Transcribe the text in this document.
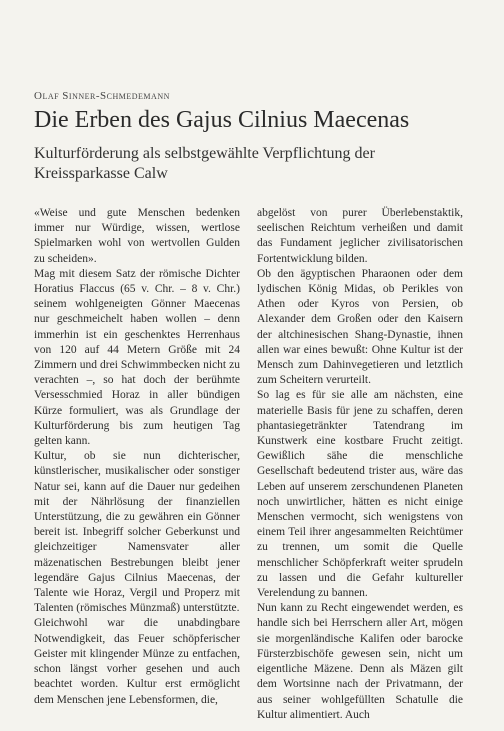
Olaf Sinner-Schmedemann
Die Erben des Gajus Cilnius Maecenas
Kulturförderung als selbstgewählte Verpflichtung der Kreissparkasse Calw

«Weise und gute Menschen bedenken immer nur Würdige, wissen, wertlose Spielmarken wohl von wertvollen Gulden zu scheiden».

Mag mit diesem Satz der römische Dichter Horatius Flaccus (65 v. Chr. – 8 v. Chr.) seinem wohlgeneigten Gönner Maecenas nur geschmeichelt haben wollen – denn immerhin ist ein geschenktes Herrenhaus von 120 auf 44 Metern Größe mit 24 Zimmern und drei Schwimmbecken nicht zu verachten –, so hat doch der berühmte Versesschmied Horaz in aller bündigen Kürze formuliert, was als Grundlage der Kulturförderung bis zum heutigen Tag gelten kann.

Kultur, ob sie nun dichterischer, künstlerischer, musikalischer oder sonstiger Natur sei, kann auf die Dauer nur gedeihen mit der Nährlösung der finanziellen Unterstützung, die zu gewähren ein Gönner bereit ist. Inbegriff solcher Geberkunst und gleichzeitiger Namensvater aller mäzenatischen Bestrebungen bleibt jener legendäre Gajus Cilnius Maecenas, der Talente wie Horaz, Vergil und Properz mit Talenten (römisches Münzmaß) unterstützte.

Gleichwohl war die unabdingbare Notwendigkeit, das Feuer schöpferischer Geister mit klingender Münze zu entfachen, schon längst vorher gesehen und auch beachtet worden. Kultur erst ermöglicht dem Menschen jene Lebensformen, die,

abgelöst von purer Überlebenstaktik, seelischen Reichtum verheißen und damit das Fundament jeglicher zivilisatorischen Fortentwicklung bilden.

Ob den ägyptischen Pharaonen oder dem lydischen König Midas, ob Perikles von Athen oder Kyros von Persien, ob Alexander dem Großen oder den Kaisern der altchinesischen Shang-Dynastie, ihnen allen war eines bewußt: Ohne Kultur ist der Mensch zum Dahinvegetieren und letztlich zum Scheitern verurteilt.

So lag es für sie alle am nächsten, eine materielle Basis für jene zu schaffen, deren phantasiegetränkter Tatendrang im Kunstwerk eine kostbare Frucht zeitigt. Gewißlich sähe die menschliche Gesellschaft bedeutend trister aus, wäre das Leben auf unserem zerschundenen Planeten noch unwirtlicher, hätten es nicht einige Menschen vermocht, sich wenigstens von einem Teil ihrer angesammelten Reichtümer zu trennen, um somit die Quelle menschlicher Schöpferkraft weiter sprudeln zu lassen und die Gefahr kultureller Verelendung zu bannen.

Nun kann zu Recht eingewendet werden, es handle sich bei Herrschern aller Art, mögen sie morgenländische Kalifen oder barocke Fürsterzbischöfe gewesen sein, nicht um eigentliche Mäzene. Denn als Mäzen gilt dem Wortsinne nach der Privatmann, der aus seiner wohlgefüllten Schatulle die Kultur alimentiert. Auch
